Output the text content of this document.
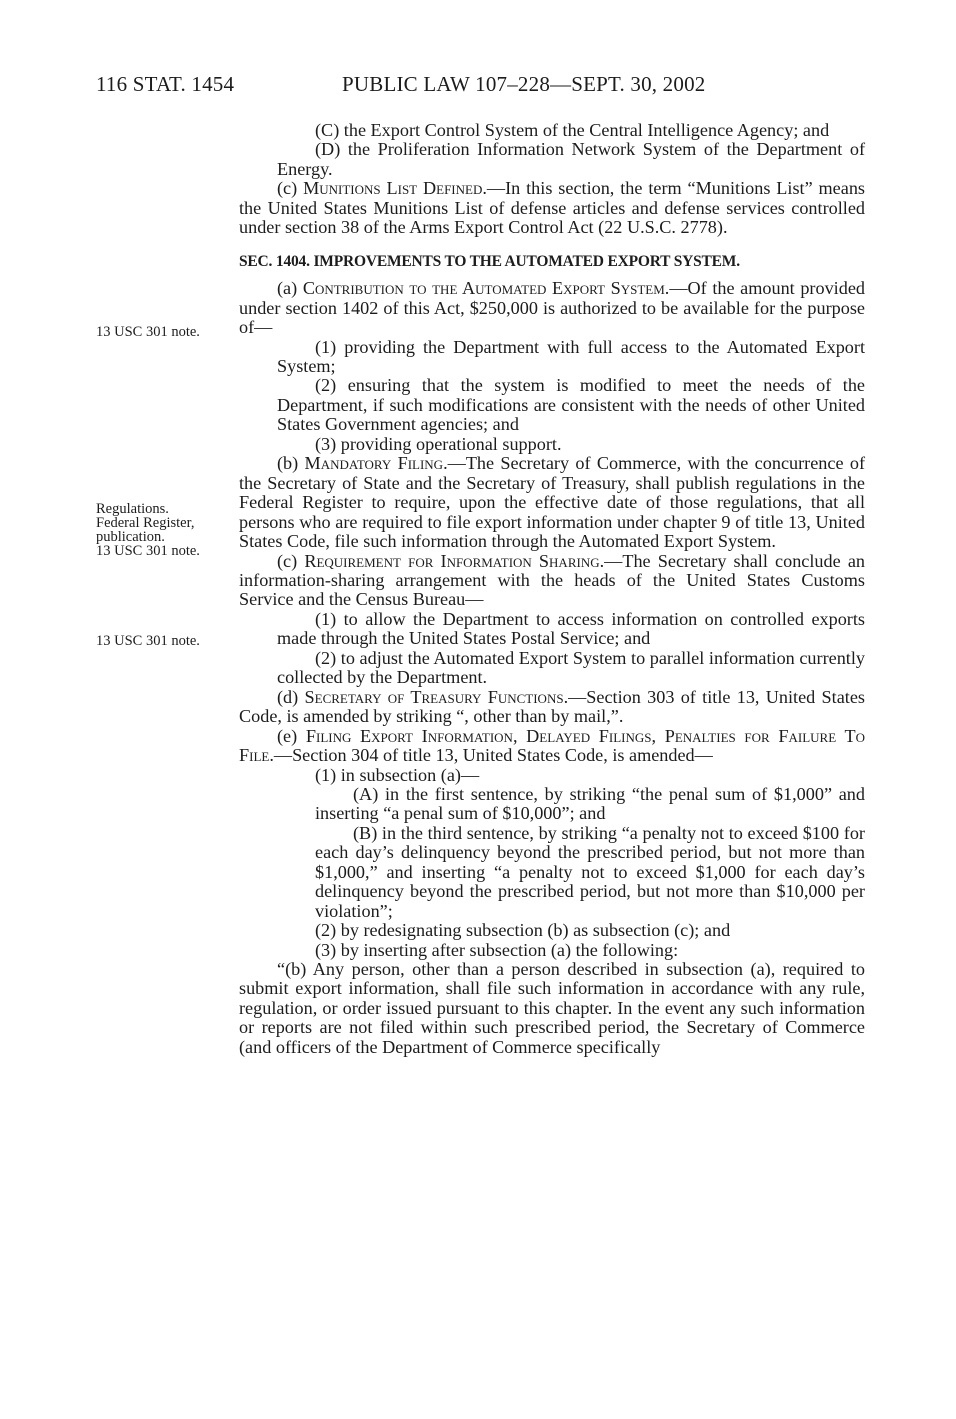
116 STAT. 1454	PUBLIC LAW 107–228—SEPT. 30, 2002
13 USC 301 note.
Regulations.
Federal Register,
publication.
13 USC 301 note.
13 USC 301 note.

(C) the Export Control System of the Central Intelligence Agency; and

(D) the Proliferation Information Network System of the Department of Energy.

(c) Munitions List Defined.—In this section, the term “Munitions List” means the United States Munitions List of defense articles and defense services controlled under section 38 of the Arms Export Control Act (22 U.S.C. 2778).

SEC. 1404. IMPROVEMENTS TO THE AUTOMATED EXPORT SYSTEM.

(a) Contribution to the Automated Export System.—Of the amount provided under section 1402 of this Act, $250,000 is authorized to be available for the purpose of—

(1) providing the Department with full access to the Automated Export System;

(2) ensuring that the system is modified to meet the needs of the Department, if such modifications are consistent with the needs of other United States Government agencies; and

(3) providing operational support.

(b) Mandatory Filing.—The Secretary of Commerce, with the concurrence of the Secretary of State and the Secretary of Treasury, shall publish regulations in the Federal Register to require, upon the effective date of those regulations, that all persons who are required to file export information under chapter 9 of title 13, United States Code, file such information through the Automated Export System.

(c) Requirement for Information Sharing.—The Secretary shall conclude an information-sharing arrangement with the heads of the United States Customs Service and the Census Bureau—

(1) to allow the Department to access information on controlled exports made through the United States Postal Service; and

(2) to adjust the Automated Export System to parallel information currently collected by the Department.

(d) Secretary of Treasury Functions.—Section 303 of title 13, United States Code, is amended by striking “, other than by mail,”.

(e) Filing Export Information, Delayed Filings, Penalties for Failure To File.—Section 304 of title 13, United States Code, is amended—

(1) in subsection (a)—

(A) in the first sentence, by striking “the penal sum of $1,000” and inserting “a penal sum of $10,000”; and

(B) in the third sentence, by striking “a penalty not to exceed $100 for each day’s delinquency beyond the prescribed period, but not more than $1,000,” and inserting “a penalty not to exceed $1,000 for each day’s delinquency beyond the prescribed period, but not more than $10,000 per violation”;

(2) by redesignating subsection (b) as subsection (c); and

(3) by inserting after subsection (a) the following:

“(b) Any person, other than a person described in subsection (a), required to submit export information, shall file such information in accordance with any rule, regulation, or order issued pursuant to this chapter. In the event any such information or reports are not filed within such prescribed period, the Secretary of Commerce (and officers of the Department of Commerce specifically
